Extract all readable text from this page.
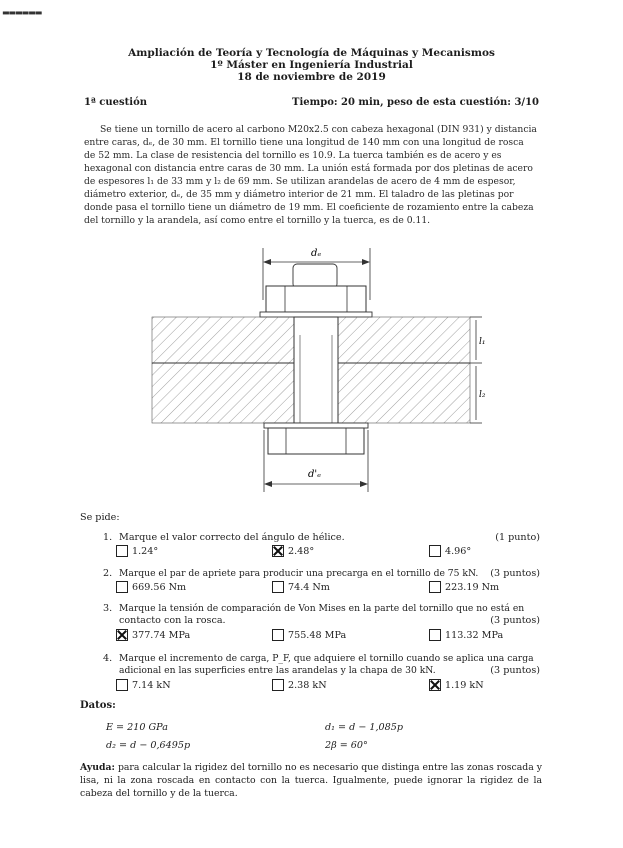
▬▬▬▬▬▬
Ampliación de Teoría y Tecnología de Máquinas y Mecanismos
1º Máster en Ingeniería Industrial
18 de noviembre de 2019
1ª cuestión	Tiempo: 20 min, peso de esta cuestión: 3/10
Se tiene un tornillo de acero al carbono M20x2.5 con cabeza hexagonal (DIN 931) y distancia
entre caras, dₑ, de 30 mm. El tornillo tiene una longitud de 140 mm con una longitud de rosca
de 52 mm. La clase de resistencia del tornillo es 10.9. La tuerca también es de acero y es
hexagonal con distancia entre caras de 30 mm. La unión está formada por dos pletinas de acero
de espesores l₁ de 33 mm y l₂ de 69 mm. Se utilizan arandelas de acero de 4 mm de espesor,
diámetro exterior, dₑ, de 35 mm y diámetro interior de 21 mm. El taladro de las pletinas por
donde pasa el tornillo tiene un diámetro de 19 mm. El coeficiente de rozamiento entre la cabeza
del tornillo y la arandela, así como entre el tornillo y la tuerca, es de 0.11.
dₑ
l₁
l₂
d'ₑ
Se pide:
1. Marque el valor correcto del ángulo de hélice.	(1 punto)
1.24°	2.48°	4.96°
2. Marque el par de apriete para producir una precarga en el tornillo de 75 kN.	(3 puntos)
669.56 Nm	74.4 Nm	223.19 Nm
3. Marque la tensión de comparación de Von Mises en la parte del tornillo que no está en
contacto con la rosca.	(3 puntos)
377.74 MPa	755.48 MPa	113.32 MPa
4. Marque el incremento de carga, P_F, que adquiere el tornillo cuando se aplica una carga
adicional en las superficies entre las arandelas y la chapa de 30 kN.	(3 puntos)
7.14 kN	2.38 kN	1.19 kN
Datos:
E = 210 GPa	d₁ = d − 1,085p
d₂ = d − 0,6495p	2β = 60°
Ayuda: para calcular la rigidez del tornillo no es necesario que distinga entre las zonas roscada y lisa, ni la zona roscada en contacto con la tuerca. Igualmente, puede ignorar la rigidez de la cabeza del tornillo y de la tuerca.
